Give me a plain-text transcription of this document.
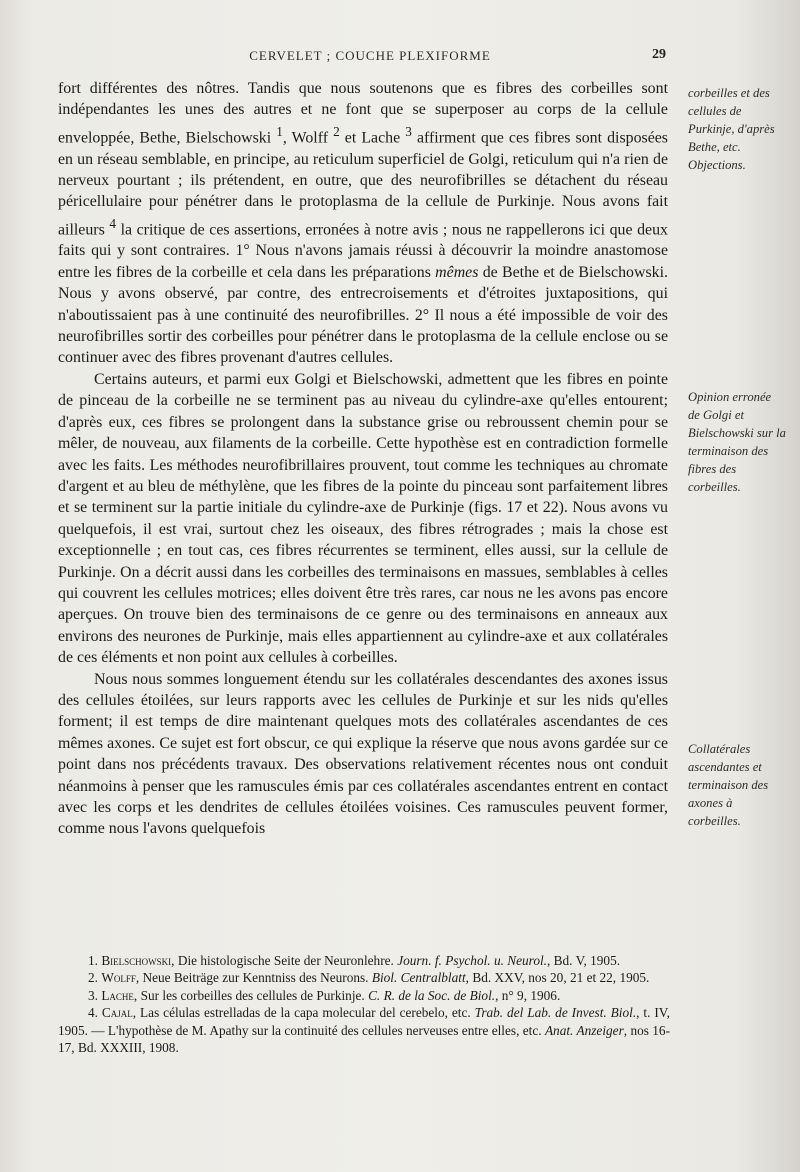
CERVELET ; COUCHE PLEXIFORME	29

fort différentes des nôtres. Tandis que nous soutenons que es fibres des corbeilles sont indépendantes les unes des autres et ne font que se superposer au corps de la cellule enveloppée, Bethe, Bielschowski $^1$, Wolff $^2$ et Lache $^3$ affirment que ces fibres sont disposées en un réseau semblable, en principe, au reticulum superficiel de Golgi, reticulum qui n'a rien de nerveux pourtant ; ils prétendent, en outre, que des neurofibrilles se détachent du réseau péricellulaire pour pénétrer dans le protoplasma de la cellule de Purkinje. Nous avons fait ailleurs $^4$ la critique de ces assertions, erronées à notre avis ; nous ne rappellerons ici que deux faits qui y sont contraires. 1° Nous n'avons jamais réussi à découvrir la moindre anastomose entre les fibres de la corbeille et cela dans les préparations mêmes de Bethe et de Bielschowski. Nous y avons observé, par contre, des entrecroisements et d'étroites juxtapositions, qui n'aboutissaient pas à une continuité des neurofibrilles. 2° Il nous a été impossible de voir des neurofibrilles sortir des corbeilles pour pénétrer dans le protoplasma de la cellule enclose ou se continuer avec des fibres provenant d'autres cellules.

Certains auteurs, et parmi eux Golgi et Bielschowski, admettent que les fibres en pointe de pinceau de la corbeille ne se terminent pas au niveau du cylindre-axe qu'elles entourent; d'après eux, ces fibres se prolongent dans la substance grise ou rebroussent chemin pour se mêler, de nouveau, aux filaments de la corbeille. Cette hypothèse est en contradiction formelle avec les faits. Les méthodes neurofibrillaires prouvent, tout comme les techniques au chromate d'argent et au bleu de méthylène, que les fibres de la pointe du pinceau sont parfaitement libres et se terminent sur la partie initiale du cylindre-axe de Purkinje (figs. 17 et 22). Nous avons vu quelquefois, il est vrai, surtout chez les oiseaux, des fibres rétrogrades ; mais la chose est exceptionnelle ; en tout cas, ces fibres récurrentes se terminent, elles aussi, sur la cellule de Purkinje. On a décrit aussi dans les corbeilles des terminaisons en massues, semblables à celles qui couvrent les cellules motrices; elles doivent être très rares, car nous ne les avons pas encore aperçues. On trouve bien des terminaisons de ce genre ou des terminaisons en anneaux aux environs des neurones de Purkinje, mais elles appartiennent au cylindre-axe et aux collatérales de ces éléments et non point aux cellules à corbeilles.

Nous nous sommes longuement étendu sur les collatérales descendantes des axones issus des cellules étoilées, sur leurs rapports avec les cellules de Purkinje et sur les nids qu'elles forment; il est temps de dire maintenant quelques mots des collatérales ascendantes de ces mêmes axones. Ce sujet est fort obscur, ce qui explique la réserve que nous avons gardée sur ce point dans nos précédents travaux. Des observations relativement récentes nous ont conduit néanmoins à penser que les ramuscules émis par ces collatérales ascendantes entrent en contact avec les corps et les dendrites de cellules étoilées voisines. Ces ramuscules peuvent former, comme nous l'avons quelquefois

corbeilles et des cellules de Purkinje, d'après Bethe, etc. Objections.
Opinion erronée de Golgi et Bielschowski sur la terminaison des fibres des corbeilles.
Collatérales ascendantes et terminaison des axones à corbeilles.

1. Bielschowski, Die histologische Seite der Neuronlehre. Journ. f. Psychol. u. Neurol., Bd. V, 1905.

2. Wolff, Neue Beiträge zur Kenntniss des Neurons. Biol. Centralblatt, Bd. XXV, nos 20, 21 et 22, 1905.

3. Lache, Sur les corbeilles des cellules de Purkinje. C. R. de la Soc. de Biol., n° 9, 1906.

4. Cajal, Las células estrelladas de la capa molecular del cerebelo, etc. Trab. del Lab. de Invest. Biol., t. IV, 1905. — L'hypothèse de M. Apathy sur la continuité des cellules nerveuses entre elles, etc. Anat. Anzeiger, nos 16-17, Bd. XXXIII, 1908.
